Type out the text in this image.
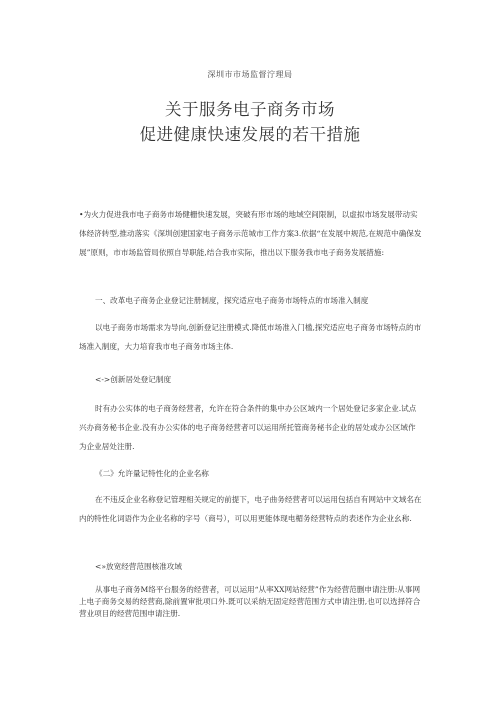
深圳市市场监督泞理局
关于服务电子商务市场
促进健康快速发展的若干措施

•为火力促进我市电子商务市场健栅快速发展，突破有形市场的地域空间限制，以虚拟市场发展带动实体经济转型,推动落实《深圳创建国家电子商务示范城市工作方案3.依据“在发展中规范,在规范中确保发展”原则，市市场监管局依照自导职能,结合我市实际，推出以下服务我市电子商务发展措施:

一、改革电子商务企业登记注册制度，探究适应电子商务市场特点的市场准入制度

以电子商务市场需求为导向,创新登记注册模式.降低市场准入门槛,探究适应电子商务市场特点的市场准入制度，大力培育我市电子商务市场主体.

<->创新居处登记制度

时有办公实体的电子商务经营者，允许在符合条件的集中办公区域内一个居处登记多家企业.试点兴办商务秘书企业.没有办公实体的电子商务经营者可以运用所托管商务秘书企业的居处或办公区域作为企业居处注册.

《二》允许量记特性化的企业名称

在不违反企业名称登记管理相关规定的前提下，电子曲务经营者可以运用包括自有网站中文域名在内的特性化词语作为企业名称的字号（商号），可以用更能体现电楣务经营特点的表述作为企业幺称.

<»放宽经营范围核准攻域

从事电子商务M络平台服务的经营者，可以运用“从率XX网站经营”作为经营范删申请注册:从事网上电子商务交易的经营商,除前置审批项口外.既可以采纳无固定经营范围方式申请注册,也可以选择符合营业项目的经营范围申请注册.
